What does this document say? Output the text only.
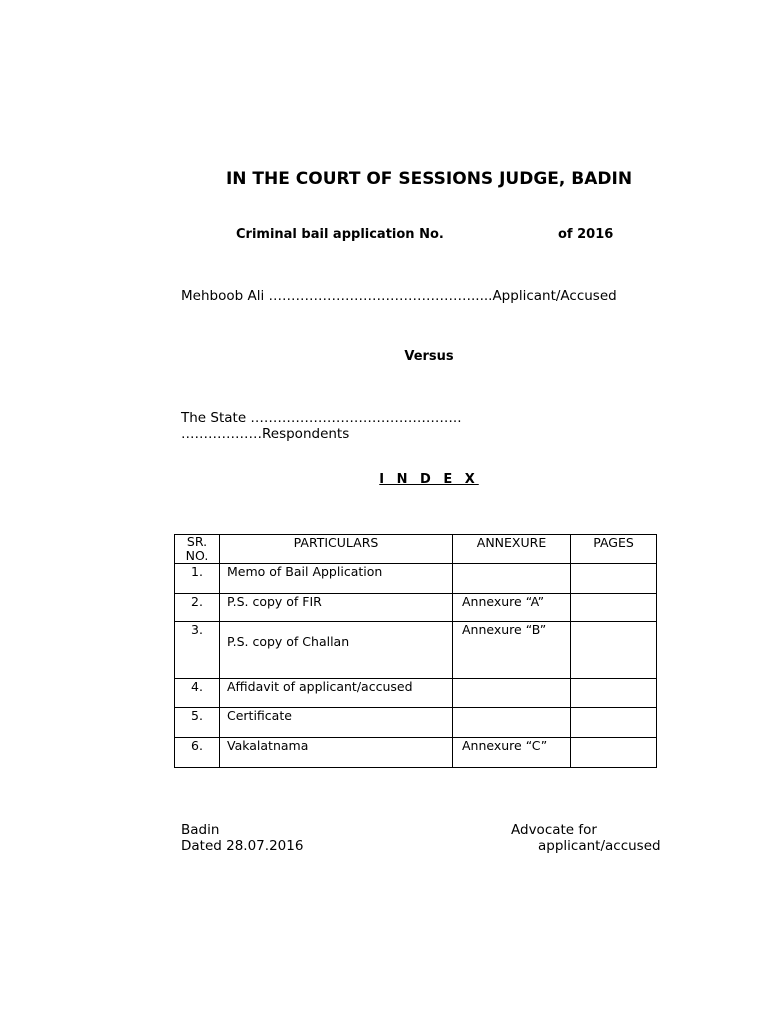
IN THE COURT OF SESSIONS JUDGE, BADIN
Criminal bail application No.	of 2016
Mehboob Ali ……………………………………….....Applicant/Accused
Versus
The State ………………………………………..
………………Respondents
I N D E X
SR.
NO.	PARTICULARS	ANNEXURE	PAGES
1.	Memo of Bail Application		

2.	P.S. copy of FIR	Annexure “A”	

3.	P.S. copy of Challan	Annexure “B”	

4.	Affidavit of applicant/accused		

5.	Certificate		

6.	Vakalatnama	Annexure “C”	

Badin
Dated 28.07.2016
Advocate for
applicant/accused
